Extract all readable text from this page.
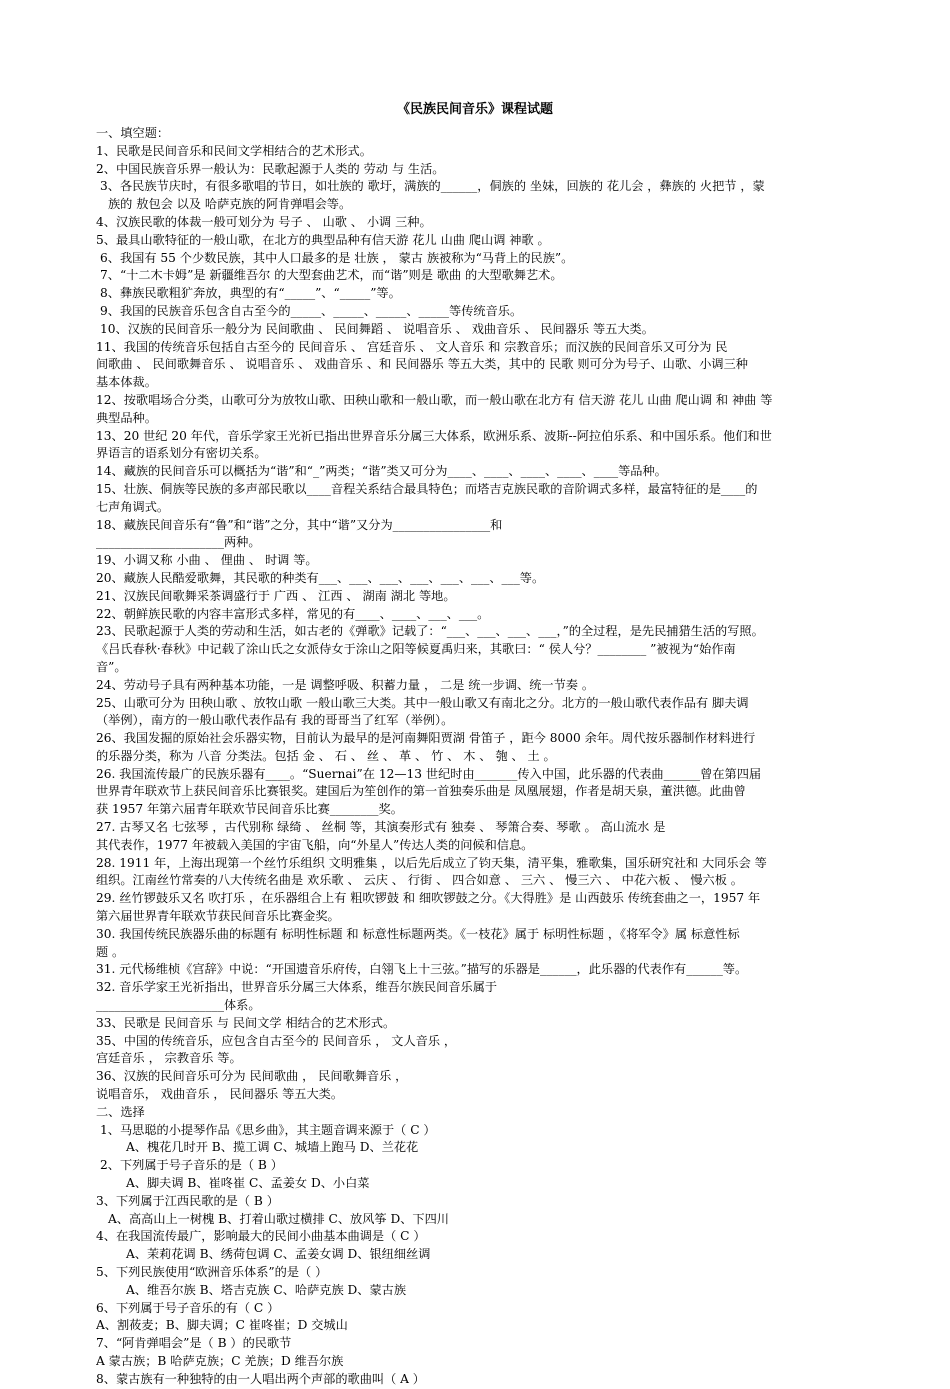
《民族民间音乐》课程试题
一、填空题：
1、民歌是民间音乐和民间文学相结合的艺术形式。
2、中国民族音乐界一般认为：民歌起源于人类的 劳动 与 生活。
3、各民族节庆时，有很多歌唱的节日，如壮族的 歌圩，满族的______，侗族的 坐妹，回族的 花儿会 ，彝族的 火把节 ，蒙
族的 敖包会 以及 哈萨克族的阿肯弹唱会等。
4、汉族民歌的体裁一般可划分为 号子 、 山歌 、 小调 三种。
5、最具山歌特征的一般山歌，在北方的典型品种有信天游 花儿 山曲 爬山调 神歌 。
6、我国有 55 个少数民族，其中人口最多的是 壮族 ， 蒙古 族被称为“马背上的民族”。
7、“十二木卡姆”是 新疆维吾尔 的大型套曲艺术，而“谐”则是 歌曲 的大型歌舞艺术。
8、彝族民歌粗犷奔放，典型的有“_____”、“_____”等。
9、我国的民族音乐包含自古至今的_____、_____、_____、_____等传统音乐。
10、汉族的民间音乐一般分为 民间歌曲 、 民间舞蹈 、 说唱音乐 、 戏曲音乐 、 民间器乐 等五大类。
11、我国的传统音乐包括自古至今的 民间音乐 、 宫廷音乐 、 文人音乐 和 宗教音乐；而汉族的民间音乐又可分为 民
间歌曲 、 民间歌舞音乐 、 说唱音乐 、 戏曲音乐 、和 民间器乐 等五大类，其中的 民歌 则可分为号子、山歌、小调三种
基本体裁。
12、按歌唱场合分类，山歌可分为放牧山歌、田秧山歌和一般山歌，而一般山歌在北方有 信天游 花儿 山曲 爬山调 和 神曲 等
典型品种。
13、20 世纪 20 年代，音乐学家王光祈已指出世界音乐分属三大体系，欧洲乐系、波斯--阿拉伯乐系、和中国乐系。他们和世
界语言的语系划分有密切关系。
14、藏族的民间音乐可以概括为“谐”和“_”两类；“谐”类又可分为____、____、____、____、____等品种。
15、壮族、侗族等民族的多声部民歌以____音程关系结合最具特色；而塔吉克族民歌的音阶调式多样，最富特征的是____的
七声角调式。
18、藏族民间音乐有“鲁”和“谐”之分，其中“谐”又分为________________和
_____________________两种。
19、小调又称 小曲 、 俚曲 、 时调 等。
20、藏族人民酷爱歌舞，其民歌的种类有___、___、___、___、___、___、___等。
21、汉族民间歌舞采茶调盛行于 广西 、 江西 、 湖南 湖北 等地。
22、朝鲜族民歌的内容丰富形式多样，常见的有____、____、___、___。
23、民歌起源于人类的劳动和生活，如古老的《弹歌》记载了：“___、___、___、___，”的全过程，是先民捕猎生活的写照。
《吕氏春秋·春秋》中记载了涂山氏之女派侍女于涂山之阳等候夏禹归来，其歌曰：“ 侯人兮？________ ”被视为“始作南
音”。
24、劳动号子具有两种基本功能，一是 调整呼吸、积蓄力量 ， 二是 统一步调、统一节奏 。
25、山歌可分为 田秧山歌 、放牧山歌 一般山歌三大类。其中一般山歌又有南北之分。北方的一般山歌代表作品有 脚夫调
（举例），南方的一般山歌代表作品有 我的哥哥当了红军（举例）。
26、我国发掘的原始社会乐器实物，目前认为最早的是河南舞阳贾湖 骨笛子 ，距今 8000 余年。周代按乐器制作材料进行
的乐器分类，称为 八音 分类法。包括 金 、 石 、 丝 、 革 、 竹 、 木 、 匏 、 土 。
26. 我国流传最广的民族乐器有____。“Suernai”在 12—13 世纪时由_______传入中国，此乐器的代表曲______曾在第四届
世界青年联欢节上获民间音乐比赛银奖。建国后为笙创作的第一首独奏乐曲是 凤凰展翅，作者是胡天泉，董洪德。此曲曾
获 1957 年第六届青年联欢节民间音乐比赛________奖。
27. 古琴又名 七弦琴 ，古代别称 绿绮 、 丝桐 等，其演奏形式有 独奏 、 琴箫合奏、琴歌 。 高山流水 是
其代表作，1977 年被载入美国的宇宙飞船，向“外星人”传达人类的问候和信息。
28. 1911 年，上海出现第一个丝竹乐组织 文明雅集 ，以后先后成立了钧天集，清平集，雅歌集，国乐研究社和 大同乐会 等
组织。江南丝竹常奏的八大传统名曲是 欢乐歌 、 云庆 、 行街 、 四合如意 、 三六 、 慢三六 、 中花六板 、 慢六板 。
29. 丝竹锣鼓乐又名 吹打乐 ，在乐器组合上有 粗吹锣鼓 和 细吹锣鼓之分。《大得胜》是 山西鼓乐 传统套曲之一，1957 年
第六届世界青年联欢节获民间音乐比赛金奖。
30. 我国传统民族器乐曲的标题有 标明性标题 和 标意性标题两类。《一枝花》属于 标明性标题 ，《将军令》属 标意性标
题 。
31. 元代杨维桢《宫辞》中说：“开国遗音乐府传，白翎飞上十三弦。”描写的乐器是______，此乐器的代表作有______等。
32. 音乐学家王光祈指出，世界音乐分属三大体系，维吾尔族民间音乐属于
_____________________体系。
33、民歌是 民间音乐 与 民间文学 相结合的艺术形式。
35、中国的传统音乐，应包含自古至今的 民间音乐 ， 文人音乐 ，
宫廷音乐 ， 宗教音乐 等。
36、汉族的民间音乐可分为 民间歌曲 ， 民间歌舞音乐 ，
说唱音乐， 戏曲音乐 ， 民间器乐 等五大类。
二、选择
1、马思聪的小提琴作品《思乡曲》，其主题音调来源于（ C ）
A、槐花几时开 B、揽工调 C、城墙上跑马 D、兰花花
2、下列属于号子音乐的是（ B ）
A、脚夫调 B、崔咚崔 C、孟姜女 D、小白菜
3、下列属于江西民歌的是（ B ）
A、高高山上一树槐 B、打着山歌过横排 C、放风筝 D、下四川
4、在我国流传最广，影响最大的民间小曲基本曲调是（ C ）
A、茉莉花调 B、绣荷包调 C、孟姜女调 D、银纽细丝调
5、下列民族使用“欧洲音乐体系”的是（ ）
A、维吾尔族 B、塔吉克族 C、哈萨克族 D、蒙古族
6、下列属于号子音乐的有（ C ）
A、割莜麦；B、脚夫调；C 崔咚崔；D 交城山
7、“阿肯弹唱会”是（ B ）的民歌节
A 蒙古族；B 哈萨克族；C 羌族；D 维吾尔族
8、蒙古族有一种独特的由一人唱出两个声部的歌曲叫（ A ）
